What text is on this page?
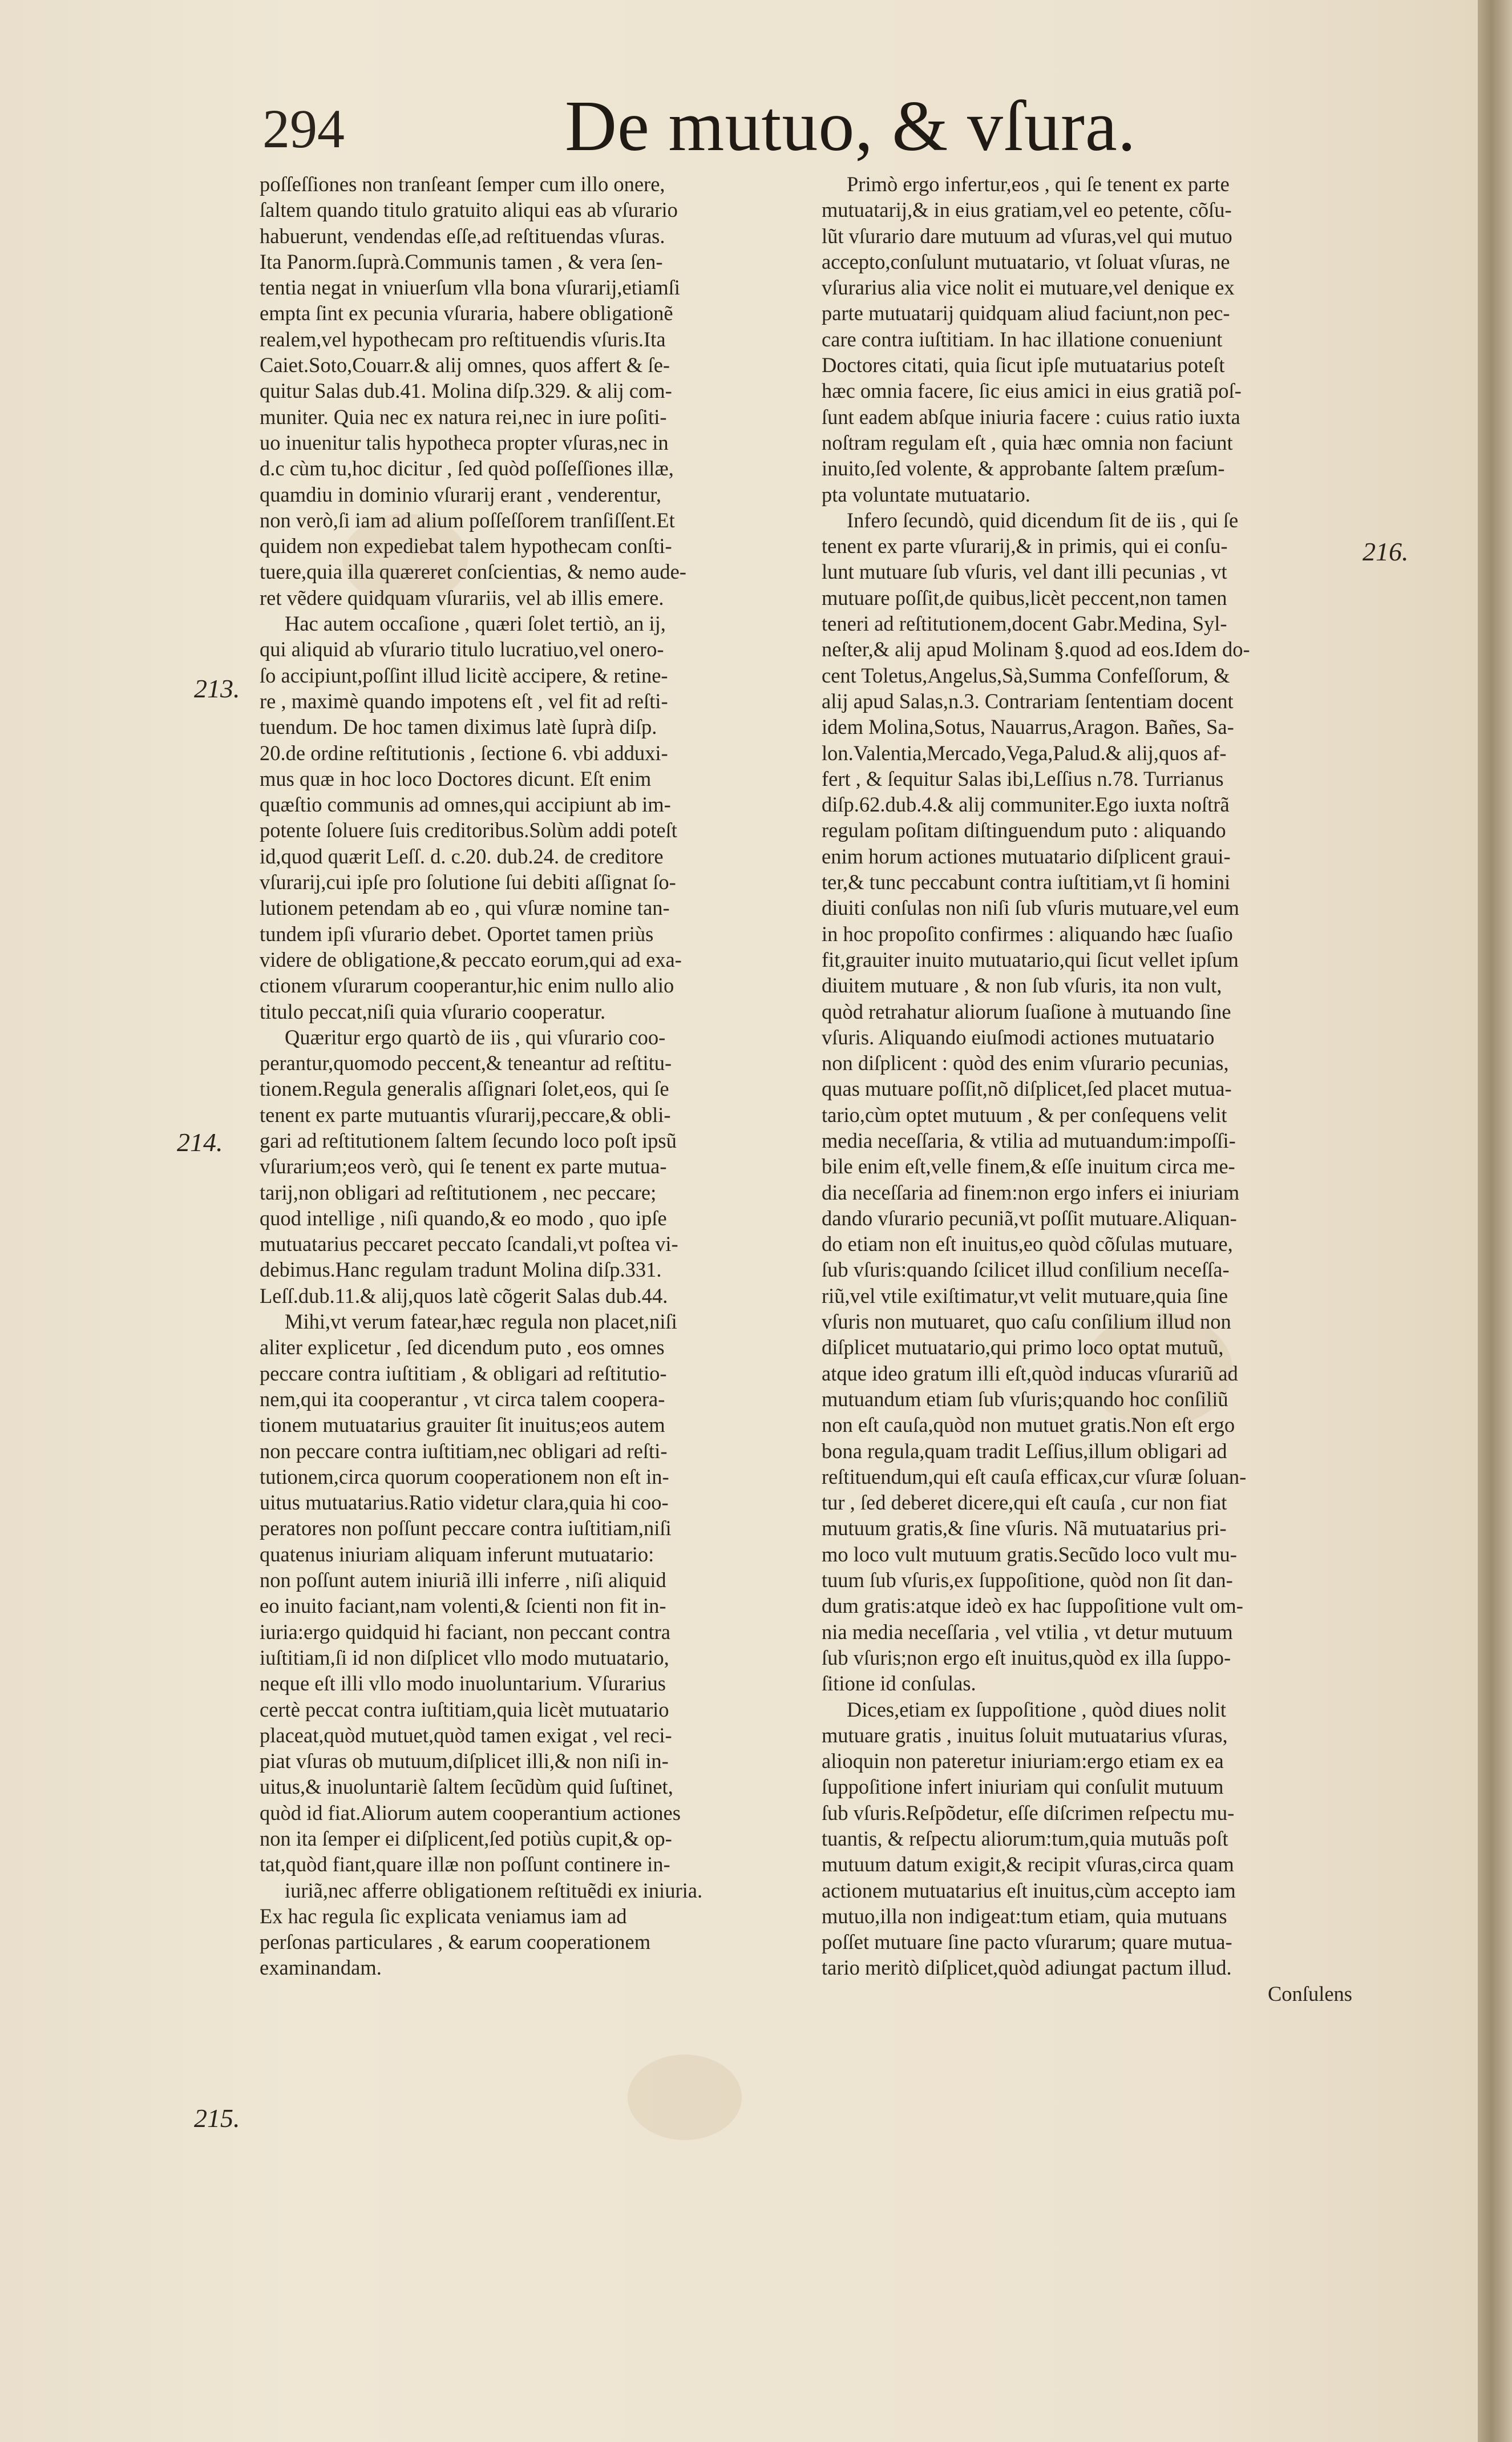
294	De mutuo, & vſura.
213.
214.
215.
216.
poſſeſſiones non tranſeant ſemper cum illo onere,
ſaltem quando titulo gratuito aliqui eas ab vſurario
habuerunt, vendendas eſſe,ad reſtituendas vſuras.
Ita Panorm.ſuprà.Communis tamen , & vera ſen-
tentia negat in vniuerſum vlla bona vſurarij,etiamſi
empta ſint ex pecunia vſuraria, habere obligationẽ
realem,vel hypothecam pro reſtituendis vſuris.Ita
Caiet.Soto,Couarr.& alij omnes, quos affert & ſe-
quitur Salas dub.41. Molina diſp.329. & alij com-
muniter. Quia nec ex natura rei,nec in iure poſiti-
uo inuenitur talis hypotheca propter vſuras,nec in
d.c cùm tu,hoc dicitur , ſed quòd poſſeſſiones illæ,
quamdiu in dominio vſurarij erant , venderentur,
non verò,ſi iam ad alium poſſeſſorem tranſiſſent.Et
quidem non expediebat talem hypothecam conſti-
tuere,quia illa quæreret conſcientias, & nemo aude-
ret vẽdere quidquam vſurariis, vel ab illis emere.
Hac autem occaſione , quæri ſolet tertiò, an ij,
qui aliquid ab vſurario titulo lucratiuo,vel onero-
ſo accipiunt,poſſint illud licitè accipere, & retine-
re , maximè quando impotens eſt , vel fit ad reſti-
tuendum. De hoc tamen diximus latè ſuprà diſp.
20.de ordine reſtitutionis , ſectione 6. vbi adduxi-
mus quæ in hoc loco Doctores dicunt. Eſt enim
quæſtio communis ad omnes,qui accipiunt ab im-
potente ſoluere ſuis creditoribus.Solùm addi poteſt
id,quod quærit Leſſ. d. c.20. dub.24. de creditore
vſurarij,cui ipſe pro ſolutione ſui debiti aſſignat ſo-
lutionem petendam ab eo , qui vſuræ nomine tan-
tundem ipſi vſurario debet. Oportet tamen priùs
videre de obligatione,& peccato eorum,qui ad exa-
ctionem vſurarum cooperantur,hic enim nullo alio
titulo peccat,niſi quia vſurario cooperatur.
Quæritur ergo quartò de iis , qui vſurario coo-
perantur,quomodo peccent,& teneantur ad reſtitu-
tionem.Regula generalis aſſignari ſolet,eos, qui ſe
tenent ex parte mutuantis vſurarij,peccare,& obli-
gari ad reſtitutionem ſaltem ſecundo loco poſt ipsũ
vſurarium;eos verò, qui ſe tenent ex parte mutua-
tarij,non obligari ad reſtitutionem , nec peccare;
quod intellige , niſi quando,& eo modo , quo ipſe
mutuatarius peccaret peccato ſcandali,vt poſtea vi-
debimus.Hanc regulam tradunt Molina diſp.331.
Leſſ.dub.11.& alij,quos latè cõgerit Salas dub.44.
Mihi,vt verum fatear,hæc regula non placet,niſi
aliter explicetur , ſed dicendum puto , eos omnes
peccare contra iuſtitiam , & obligari ad reſtitutio-
nem,qui ita cooperantur , vt circa talem coopera-
tionem mutuatarius grauiter ſit inuitus;eos autem
non peccare contra iuſtitiam,nec obligari ad reſti-
tutionem,circa quorum cooperationem non eſt in-
uitus mutuatarius.Ratio videtur clara,quia hi coo-
peratores non poſſunt peccare contra iuſtitiam,niſi
quatenus iniuriam aliquam inferunt mutuatario:
non poſſunt autem iniuriã illi inferre , niſi aliquid
eo inuito faciant,nam volenti,& ſcienti non fit in-
iuria:ergo quidquid hi faciant, non peccant contra
iuſtitiam,ſi id non diſplicet vllo modo mutuatario,
neque eſt illi vllo modo inuoluntarium. Vſurarius
certè peccat contra iuſtitiam,quia licèt mutuatario
placeat,quòd mutuet,quòd tamen exigat , vel reci-
piat vſuras ob mutuum,diſplicet illi,& non niſi in-
uitus,& inuoluntariè ſaltem ſecũdùm quid ſuſtinet,
quòd id fiat.Aliorum autem cooperantium actiones
non ita ſemper ei diſplicent,ſed potiùs cupit,& op-
tat,quòd fiant,quare illæ non poſſunt continere in-
iuriã,nec afferre obligationem reſtituẽdi ex iniuria.
Ex hac regula ſic explicata veniamus iam ad
perſonas particulares , & earum cooperationem
examinandam.
Primò ergo infertur,eos , qui ſe tenent ex parte
mutuatarij,& in eius gratiam,vel eo petente, cõſu-
lũt vſurario dare mutuum ad vſuras,vel qui mutuo
accepto,conſulunt mutuatario, vt ſoluat vſuras, ne
vſurarius alia vice nolit ei mutuare,vel denique ex
parte mutuatarij quidquam aliud faciunt,non pec-
care contra iuſtitiam. In hac illatione conueniunt
Doctores citati, quia ſicut ipſe mutuatarius poteſt
hæc omnia facere, ſic eius amici in eius gratiã poſ-
ſunt eadem abſque iniuria facere : cuius ratio iuxta
noſtram regulam eſt , quia hæc omnia non faciunt
inuito,ſed volente, & approbante ſaltem præſum-
pta voluntate mutuatario.
Infero ſecundò, quid dicendum ſit de iis , qui ſe
tenent ex parte vſurarij,& in primis, qui ei conſu-
lunt mutuare ſub vſuris, vel dant illi pecunias , vt
mutuare poſſit,de quibus,licèt peccent,non tamen
teneri ad reſtitutionem,docent Gabr.Medina, Syl-
neſter,& alij apud Molinam §.quod ad eos.Idem do-
cent Toletus,Angelus,Sà,Summa Confeſſorum, &
alij apud Salas,n.3. Contrariam ſententiam docent
idem Molina,Sotus, Nauarrus,Aragon. Bañes, Sa-
lon.Valentia,Mercado,Vega,Palud.& alij,quos af-
fert , & ſequitur Salas ibi,Leſſius n.78. Turrianus
diſp.62.dub.4.& alij communiter.Ego iuxta noſtrã
regulam poſitam diſtinguendum puto : aliquando
enim horum actiones mutuatario diſplicent graui-
ter,& tunc peccabunt contra iuſtitiam,vt ſi homini
diuiti conſulas non niſi ſub vſuris mutuare,vel eum
in hoc propoſito confirmes : aliquando hæc ſuaſio
fit,grauiter inuito mutuatario,qui ſicut vellet ipſum
diuitem mutuare , & non ſub vſuris, ita non vult,
quòd retrahatur aliorum ſuaſione à mutuando ſine
vſuris. Aliquando eiuſmodi actiones mutuatario
non diſplicent : quòd des enim vſurario pecunias,
quas mutuare poſſit,nõ diſplicet,ſed placet mutua-
tario,cùm optet mutuum , & per conſequens velit
media neceſſaria, & vtilia ad mutuandum:impoſſi-
bile enim eſt,velle finem,& eſſe inuitum circa me-
dia neceſſaria ad finem:non ergo infers ei iniuriam
dando vſurario pecuniã,vt poſſit mutuare.Aliquan-
do etiam non eſt inuitus,eo quòd cõſulas mutuare,
ſub vſuris:quando ſcilicet illud conſilium neceſſa-
riũ,vel vtile exiſtimatur,vt velit mutuare,quia ſine
vſuris non mutuaret, quo caſu conſilium illud non
diſplicet mutuatario,qui primo loco optat mutuũ,
atque ideo gratum illi eſt,quòd inducas vſurariũ ad
mutuandum etiam ſub vſuris;quando hoc conſiliũ
non eſt cauſa,quòd non mutuet gratis.Non eſt ergo
bona regula,quam tradit Leſſius,illum obligari ad
reſtituendum,qui eſt cauſa efficax,cur vſuræ ſoluan-
tur , ſed deberet dicere,qui eſt cauſa , cur non fiat
mutuum gratis,& ſine vſuris. Nã mutuatarius pri-
mo loco vult mutuum gratis.Secũdo loco vult mu-
tuum ſub vſuris,ex ſuppoſitione, quòd non ſit dan-
dum gratis:atque ideò ex hac ſuppoſitione vult om-
nia media neceſſaria , vel vtilia , vt detur mutuum
ſub vſuris;non ergo eſt inuitus,quòd ex illa ſuppo-
ſitione id conſulas.
Dices,etiam ex ſuppoſitione , quòd diues nolit
mutuare gratis , inuitus ſoluit mutuatarius vſuras,
alioquin non pateretur iniuriam:ergo etiam ex ea
ſuppoſitione infert iniuriam qui conſulit mutuum
ſub vſuris.Reſpõdetur, eſſe diſcrimen reſpectu mu-
tuantis, & reſpectu aliorum:tum,quia mutuãs poſt
mutuum datum exigit,& recipit vſuras,circa quam
actionem mutuatarius eſt inuitus,cùm accepto iam
mutuo,illa non indigeat:tum etiam, quia mutuans
poſſet mutuare ſine pacto vſurarum; quare mutua-
tario meritò diſplicet,quòd adiungat pactum illud.
Conſulens
